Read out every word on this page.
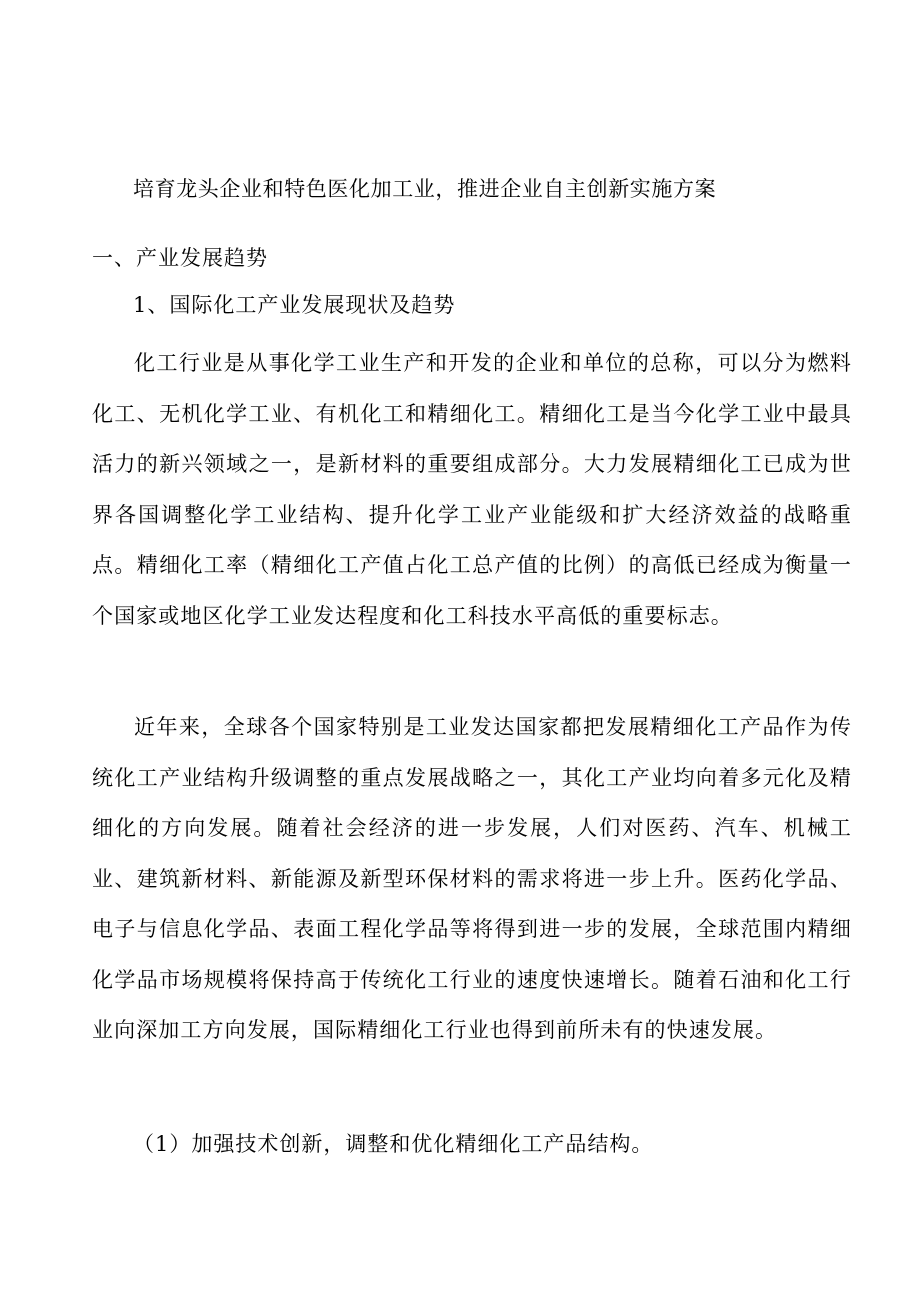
培育龙头企业和特色医化加工业，推进企业自主创新实施方案
一、产业发展趋势
1、国际化工产业发展现状及趋势

化工行业是从事化学工业生产和开发的企业和单位的总称，可以分为燃料化工、无机化学工业、有机化工和精细化工。精细化工是当今化学工业中最具活力的新兴领域之一，是新材料的重要组成部分。大力发展精细化工已成为世界各国调整化学工业结构、提升化学工业产业能级和扩大经济效益的战略重点。精细化工率（精细化工产值占化工总产值的比例）的高低已经成为衡量一个国家或地区化学工业发达程度和化工科技水平高低的重要标志。

近年来，全球各个国家特别是工业发达国家都把发展精细化工产品作为传统化工产业结构升级调整的重点发展战略之一，其化工产业均向着多元化及精细化的方向发展。随着社会经济的进一步发展，人们对医药、汽车、机械工业、建筑新材料、新能源及新型环保材料的需求将进一步上升。医药化学品、电子与信息化学品、表面工程化学品等将得到进一步的发展，全球范围内精细化学品市场规模将保持高于传统化工行业的速度快速增长。随着石油和化工行业向深加工方向发展，国际精细化工行业也得到前所未有的快速发展。

（1）加强技术创新，调整和优化精细化工产品结构。
